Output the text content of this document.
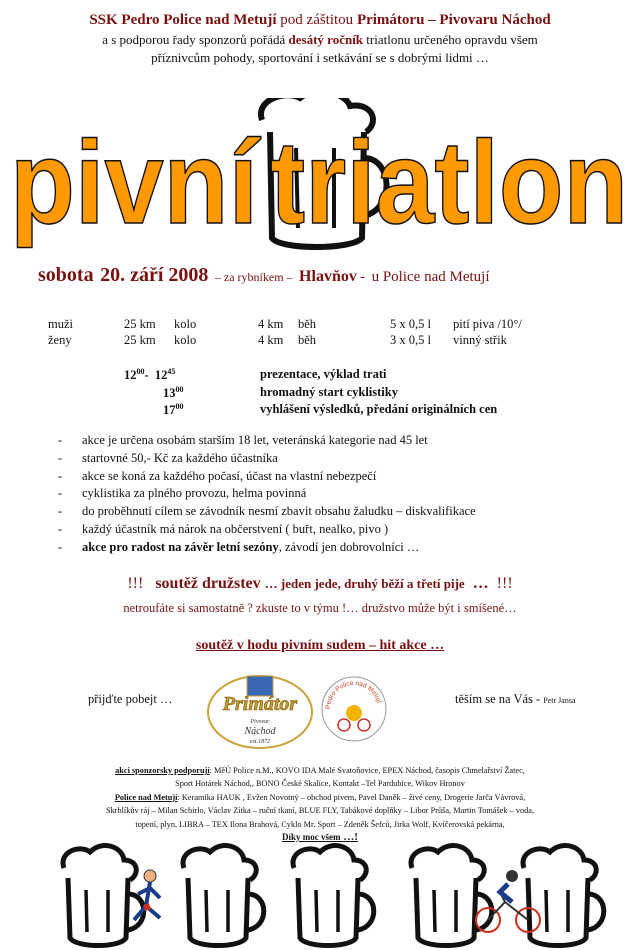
SSK Pedro Police nad Metují pod záštitou Primátoru – Pivovaru Náchod
a s podporou řady sponzorů pořádá desátý ročník triatlonu určeného opravdu všem
příznivcům pohody, sportování i setkávání se s dobrými lidmi …
pivní triatlon
sobota 20. září 2008 – za rybníkem – Hlavňov - u Police nad Metují
muži	25 km kolo	4 km běh	5 x 0,5 l pití piva /10°/
ženy	25 km kolo	4 km běh	3 x 0,5 l vinný střik
$12^{00}-$ $12^{45}$	prezentace, výklad trati
$13^{00}$	hromadný start cyklistiky
$17^{00}$	vyhlášení výsledků, předání originálních cen
- akce je určena osobám starším 18 let, veteránská kategorie nad 45 let
- startovné 50,- Kč za každého účastníka
- akce se koná za každého počasí, účast na vlastní nebezpečí
- cyklistika za plného provozu, helma povinná
- do proběhnutí cílem se závodník nesmí zbavit obsahu žaludku – diskvalifikace
- každý účastník má nárok na občerstvení ( buřt, nealko, pivo )
- akce pro radost na závěr letní sezóny, závodí jen dobrovolníci …
!!! soutěž družstev … jeden jede, druhý běží a třetí pije … !!!
netroufáte si samostatně ? zkuste to v týmu !… družstvo může být i smíšené…
soutěž v hodu pivním sudem – hit akce …
přijďte pobejt …	těším se na Vás - Petr Jansa
Primátor
Pivovar
Náchod
est.1872
Pedro Police nad Metují
akci sponzorsky podporují: MěÚ Police n.M., KOVO IDA Malé Svatoňovice, EPEX Náchod, časopis Chmelařství Žatec,
Sport Hotárek Náchod,, BONO České Skalice, Kontakt –Tel Pardubice, Wikov Hronov
Police nad Metují: Keramika HAUK , Evžen Novotný – obchod pivem, Pavel Daněk – živé ceny, Drogerie Jarča Vávrová,
Skrblíkův ráj – Milan Schirlo, Václav Zítka – ruční tkaní, BLUE FLY, Tabákové doplňky – Libor Průša, Martin Tomášek – voda,
topení, plyn, LIBRA – TEX Ilona Brahová, Cyklo Mr. Sport – Zdeněk Šefců, Jirka Wolf, Kvíčerovská pekárna,
Díky moc všem …!
